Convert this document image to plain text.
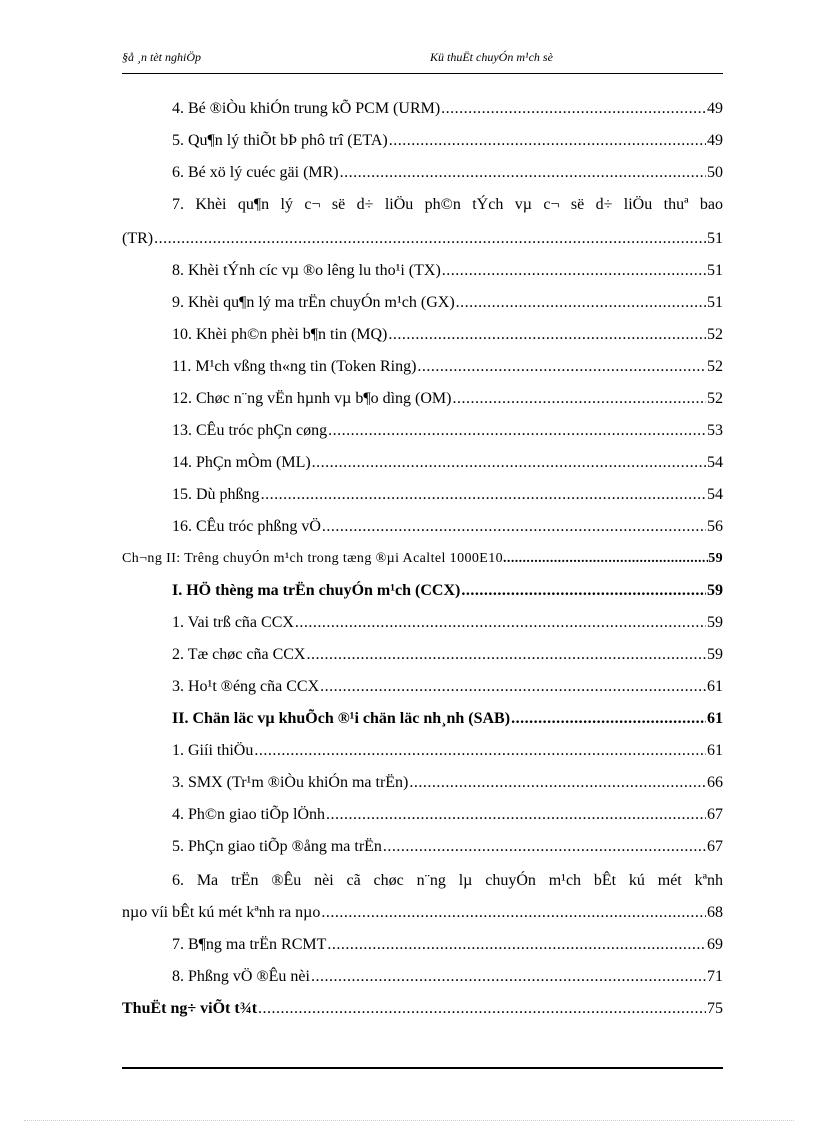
§å ¸n tèt nghiÖp	Kü thuËt chuyÓn m¹ch sè
4. Bé ®iÒu khiÓn trung kÕ PCM (URM) .....	49
5. Qu¶n lý thiÕt bÞ phô trî (ETA) .....	49
6. Bé xö lý cuéc gäi (MR) .....	50
7. Khèi qu¶n lý c¬ së d÷ liÖu ph©n tÝch vµ c¬ së d÷ liÖu thuª bao
(TR) .....	51
8. Khèi tÝnh cíc vµ ®o lêng lu tho¹i (TX) .....	51
9. Khèi qu¶n lý ma trËn chuyÓn m¹ch (GX) .....	51
10. Khèi ph©n phèi b¶n tin (MQ) .....	52
11. M¹ch vßng th«ng tin (Token Ring) .....	52
12. Chøc n¨ng vËn hµnh vµ b¶o dìng (OM) .....	52
13. CÊu tróc phÇn cøng .....	53
14. PhÇn mÒm (ML) .....	54
15. Dù phßng .....	54
16. CÊu tróc phßng vÖ .....	56
Ch¬ng II: Trêng chuyÓn m¹ch trong tæng ®µi Acaltel 1000E10 .....	59
I. HÖ thèng ma trËn chuyÓn m¹ch (CCX) .....	59
1. Vai trß cña CCX .....	59
2. Tæ chøc cña CCX .....	59
3. Ho¹t ®éng cña CCX .....	61
II. Chän läc vµ khuÕch ®¹i chän läc nh¸nh (SAB) .....	61
1. Giíi thiÖu .....	61
3. SMX (Tr¹m ®iÒu khiÓn ma trËn) .....	66
4. Ph©n giao tiÕp lÖnh .....	67
5. PhÇn giao tiÕp ®ång ma trËn .....	67
6. Ma trËn ®Êu nèi cã chøc n¨ng lµ chuyÓn m¹ch bÊt kú mét kªnh
nµo víi bÊt kú mét kªnh ra nµo .....	68
7. B¶ng ma trËn RCMT .....	69
8. Phßng vÖ ®Êu nèi .....	71
ThuËt ng÷ viÕt t¾t .....	75
